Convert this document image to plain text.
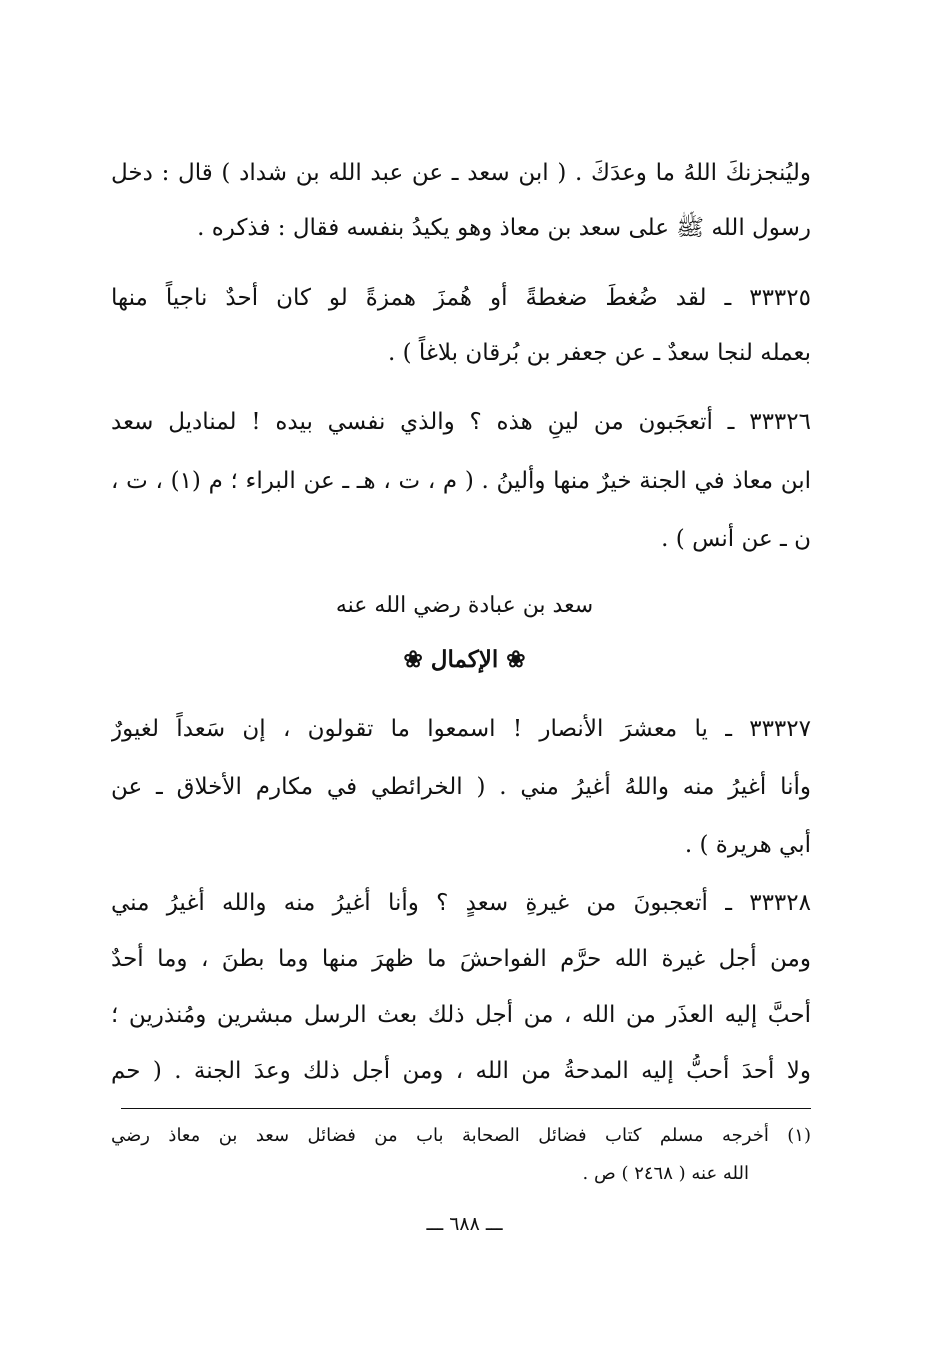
وليُنجزنكَ اللهُ ما وعدَكَ . ( ابن سعد ـ عن عبد الله بن شداد ) قال : دخل
رسول الله ﷺ على سعد بن معاذ وهو يكيدُ بنفسه فقال : فذكره .
٣٣٣٢٥ ـ لقد ضُغطَ ضغطةً أو هُمزَ همزةً لو كان أحدٌ ناجياً منها
بعمله لنجا سعدٌ ـ عن جعفر بن بُرقان بلاغاً ) .
٣٣٣٢٦ ـ أتعجَبون من لينِ هذه ؟ والذي نفسي بيده ! لمناديل سعد
ابن معاذ في الجنة خيرٌ منها وألينُ . ( م ، ت ، هـ ـ عن البراء ؛ م (١) ، ت ،
ن ـ عن أنس ) .
سعد بن عبادة رضي الله عنه
❀ الإكمال ❀
٣٣٣٢٧ ـ يا معشرَ الأنصار ! اسمعوا ما تقولون ، إن سَعداً لغيورٌ
وأنا أغيرُ منه واللهُ أغيرُ مني . ( الخرائطي في مكارم الأخلاق ـ عن
أبي هريرة ) .
٣٣٣٢٨ ـ أتعجبونَ من غيرةِ سعدٍ ؟ وأنا أغيرُ منه والله أغيرُ مني
ومن أجل غيرة الله حرَّم الفواحشَ ما ظهرَ منها وما بطنَ ، وما أحدٌ
أحبَّ إليه العذَر من الله ، من أجل ذلك بعث الرسل مبشرين ومُنذرين ؛
ولا أحدَ أحبُّ إليه المدحةُ من الله ، ومن أجل ذلك وعدَ الجنة . ( حم
(١) أخرجه مسلم كتاب فضائل الصحابة باب من فضائل سعد بن معاذ رضي
الله عنه ( ٢٤٦٨ ) ص .
ـــ ٦٨٨ ـــ
